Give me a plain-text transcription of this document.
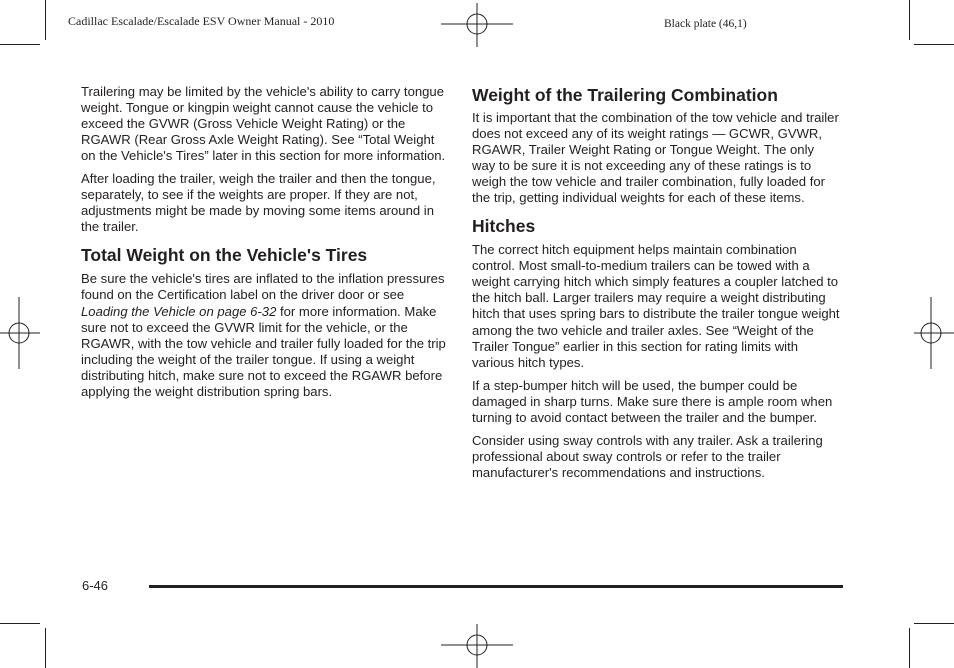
Cadillac Escalade/Escalade ESV Owner Manual - 2010	Black plate (46,1)

Trailering may be limited by the vehicle's ability to carry tongue weight. Tongue or kingpin weight cannot cause the vehicle to exceed the GVWR (Gross Vehicle Weight Rating) or the RGAWR (Rear Gross Axle Weight Rating). See “Total Weight on the Vehicle's Tires” later in this section for more information.

After loading the trailer, weigh the trailer and then the tongue, separately, to see if the weights are proper. If they are not, adjustments might be made by moving some items around in the trailer.

Total Weight on the Vehicle's Tires

Be sure the vehicle's tires are inflated to the inflation pressures found on the Certification label on the driver door or see Loading the Vehicle on page 6‑32 for more information. Make sure not to exceed the GVWR limit for the vehicle, or the RGAWR, with the tow vehicle and trailer fully loaded for the trip including the weight of the trailer tongue. If using a weight distributing hitch, make sure not to exceed the RGAWR before applying the weight distribution spring bars.

Weight of the Trailering Combination

It is important that the combination of the tow vehicle and trailer does not exceed any of its weight ratings — GCWR, GVWR, RGAWR, Trailer Weight Rating or Tongue Weight. The only way to be sure it is not exceeding any of these ratings is to weigh the tow vehicle and trailer combination, fully loaded for the trip, getting individual weights for each of these items.

Hitches

The correct hitch equipment helps maintain combination control. Most small-to-medium trailers can be towed with a weight carrying hitch which simply features a coupler latched to the hitch ball. Larger trailers may require a weight distributing hitch that uses spring bars to distribute the trailer tongue weight among the two vehicle and trailer axles. See “Weight of the Trailer Tongue” earlier in this section for rating limits with various hitch types.

If a step-bumper hitch will be used, the bumper could be damaged in sharp turns. Make sure there is ample room when turning to avoid contact between the trailer and the bumper.

Consider using sway controls with any trailer. Ask a trailering professional about sway controls or refer to the trailer manufacturer's recommendations and instructions.

6-46
